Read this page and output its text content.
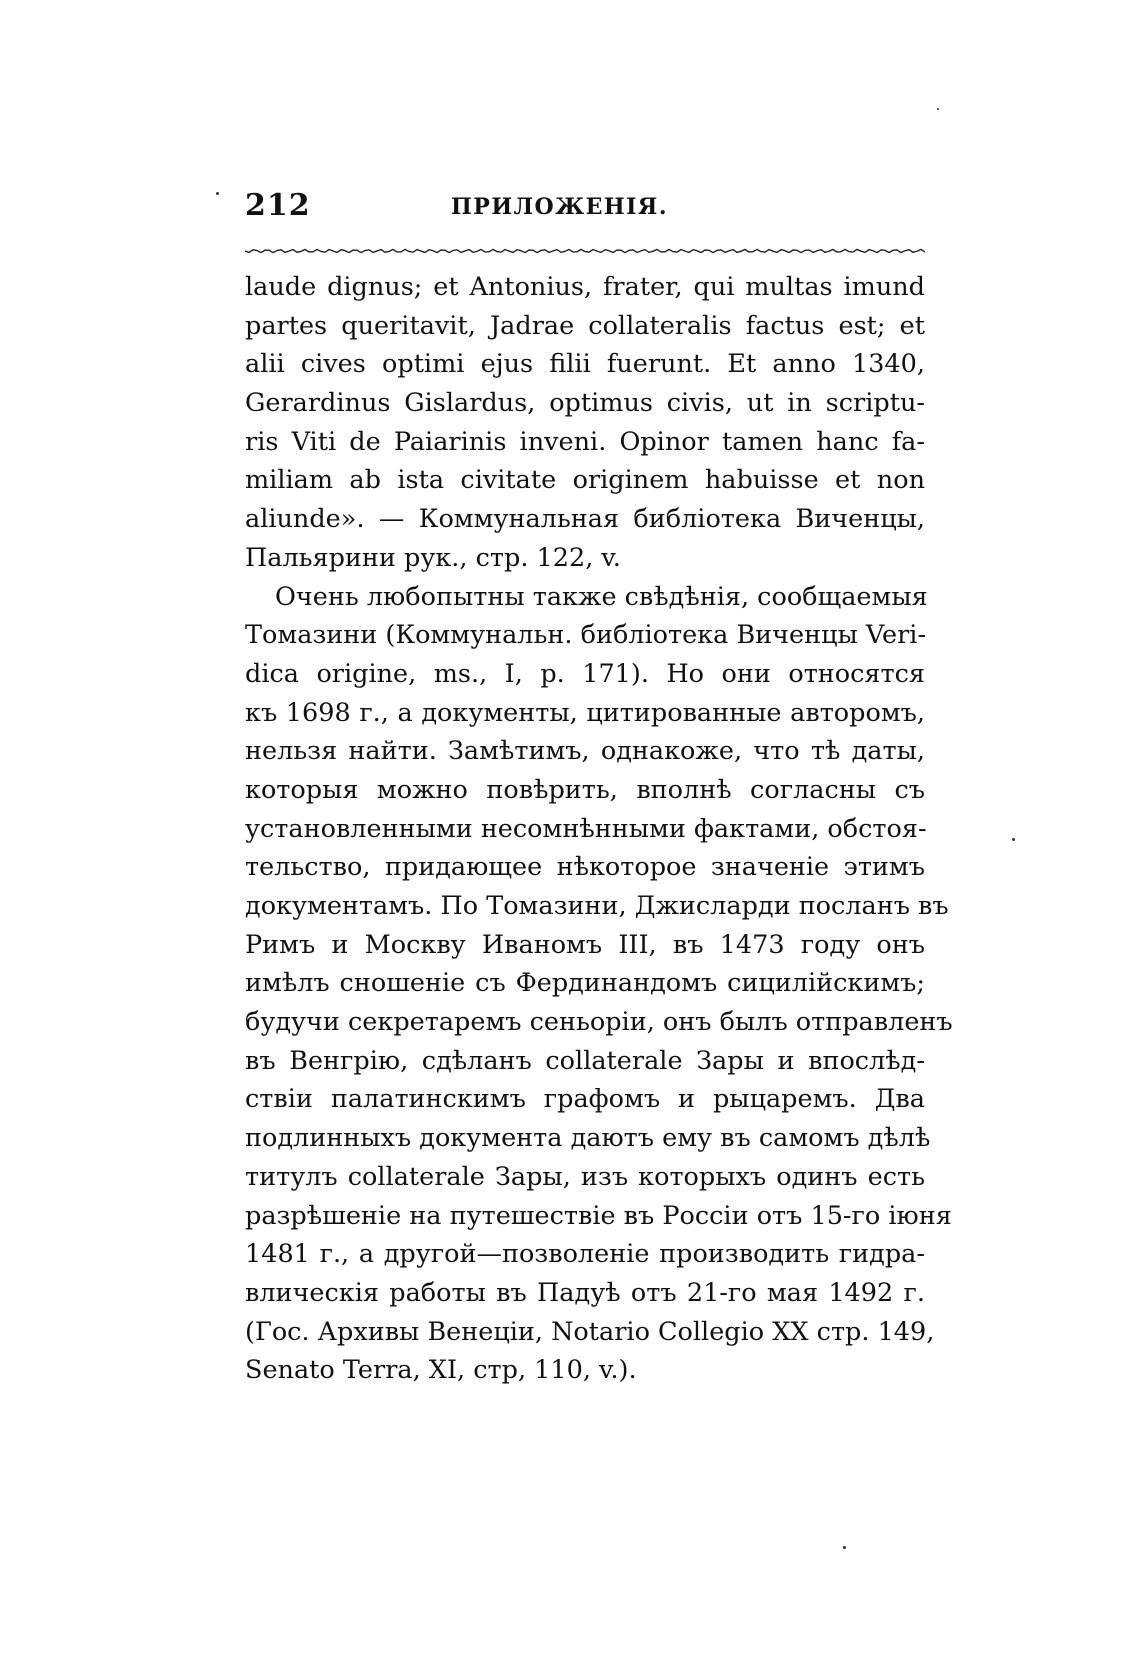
212	ПРИЛОЖЕНІЯ.
laude dignus; et Antonius, frater, qui multas imund
partes queritavit, Jadrae collateralis factus est; et
alii cives optimi ejus filii fuerunt. Et anno 1340,
Gerardinus Gislardus, optimus civis, ut in scriptu-
ris Viti de Paiarinis inveni. Opinor tamen hanc fa-
miliam ab ista civitate originem habuisse et non
aliunde». — Коммунальная библіотека Виченцы,
Пальярини рук., стр. 122, v.
Очень любопытны также свѣдѣнія, сообщаемыя
Томазини (Коммунальн. библіотека Виченцы Veri-
dica origine, ms., I, p. 171). Но они относятся
къ 1698 г., а документы, цитированные авторомъ,
нельзя найти. Замѣтимъ, однакоже, что тѣ даты,
которыя можно повѣрить, вполнѣ согласны съ
установленными несомнѣнными фактами, обстоя-
тельство, придающее нѣкоторое значеніе этимъ
документамъ. По Томазини, Джисларди посланъ въ
Римъ и Москву Иваномъ III, въ 1473 году онъ
имѣлъ сношеніе съ Фердинандомъ сицилійскимъ;
будучи секретаремъ сеньоріи, онъ былъ отправленъ
въ Венгрію, сдѣланъ collaterale Зары и впослѣд-
ствіи палатинскимъ графомъ и рыцаремъ. Два
подлинныхъ документа даютъ ему въ самомъ дѣлѣ
титулъ collaterale Зары, изъ которыхъ одинъ есть
разрѣшеніе на путешествіе въ Россіи отъ 15-го іюня
1481 г., а другой—позволеніе производить гидра-
влическія работы въ Падуѣ отъ 21-го мая 1492 г.
(Гос. Архивы Венеціи, Notario Collegio XX стр. 149,
Senato Terra, XI, стр, 110, v.).
